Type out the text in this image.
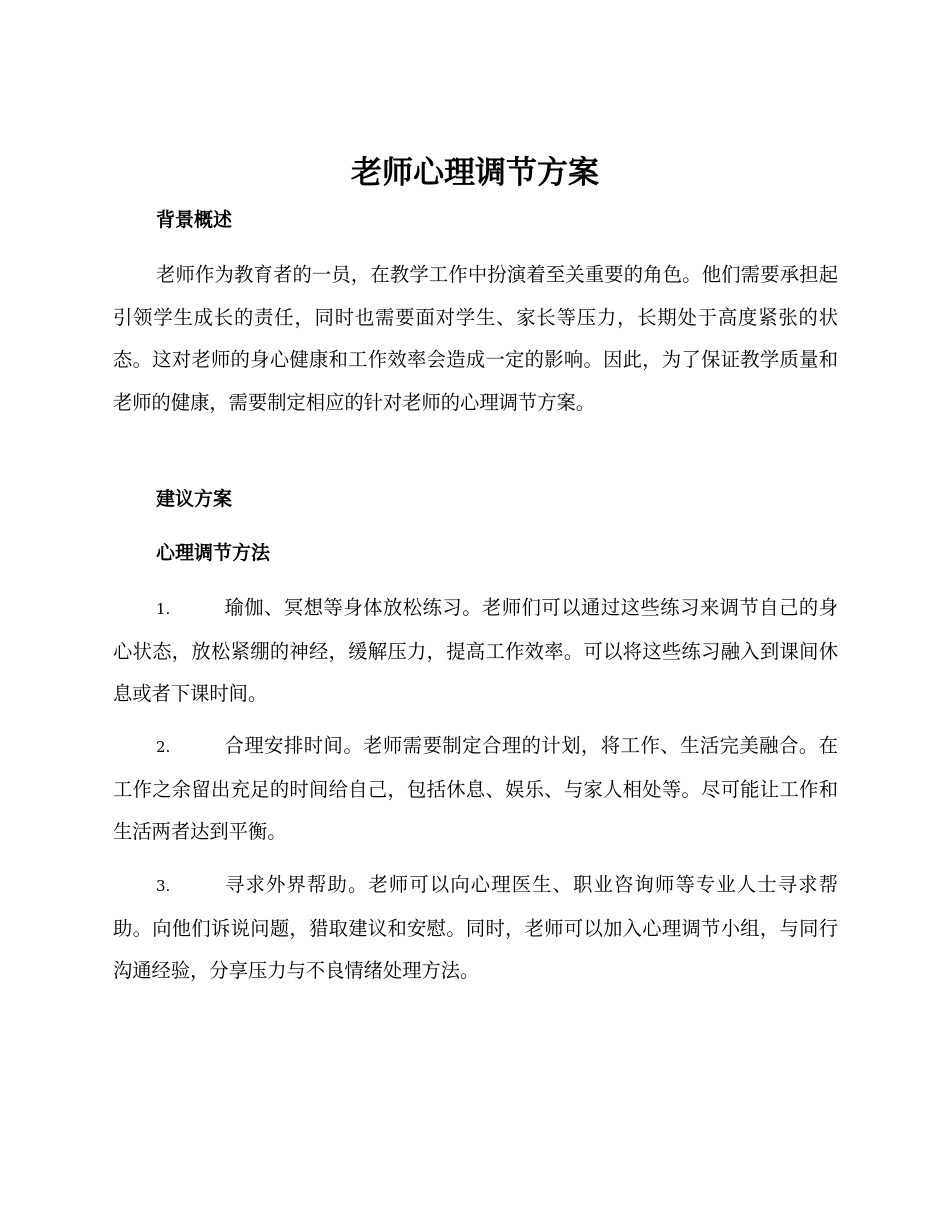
老师心理调节方案
背景概述

老师作为教育者的一员，在教学工作中扮演着至关重要的角色。他们需要承担起引领学生成长的责任，同时也需要面对学生、家长等压力，长期处于高度紧张的状态。这对老师的身心健康和工作效率会造成一定的影响。因此，为了保证教学质量和老师的健康，需要制定相应的针对老师的心理调节方案。

建议方案
心理调节方法

1.	瑜伽、冥想等身体放松练习。老师们可以通过这些练习来调节自己的身心状态，放松紧绷的神经，缓解压力，提高工作效率。可以将这些练习融入到课间休息或者下课时间。

2.	合理安排时间。老师需要制定合理的计划，将工作、生活完美融合。在工作之余留出充足的时间给自己，包括休息、娱乐、与家人相处等。尽可能让工作和生活两者达到平衡。

3.	寻求外界帮助。老师可以向心理医生、职业咨询师等专业人士寻求帮助。向他们诉说问题，猎取建议和安慰。同时，老师可以加入心理调节小组，与同行沟通经验，分享压力与不良情绪处理方法。
